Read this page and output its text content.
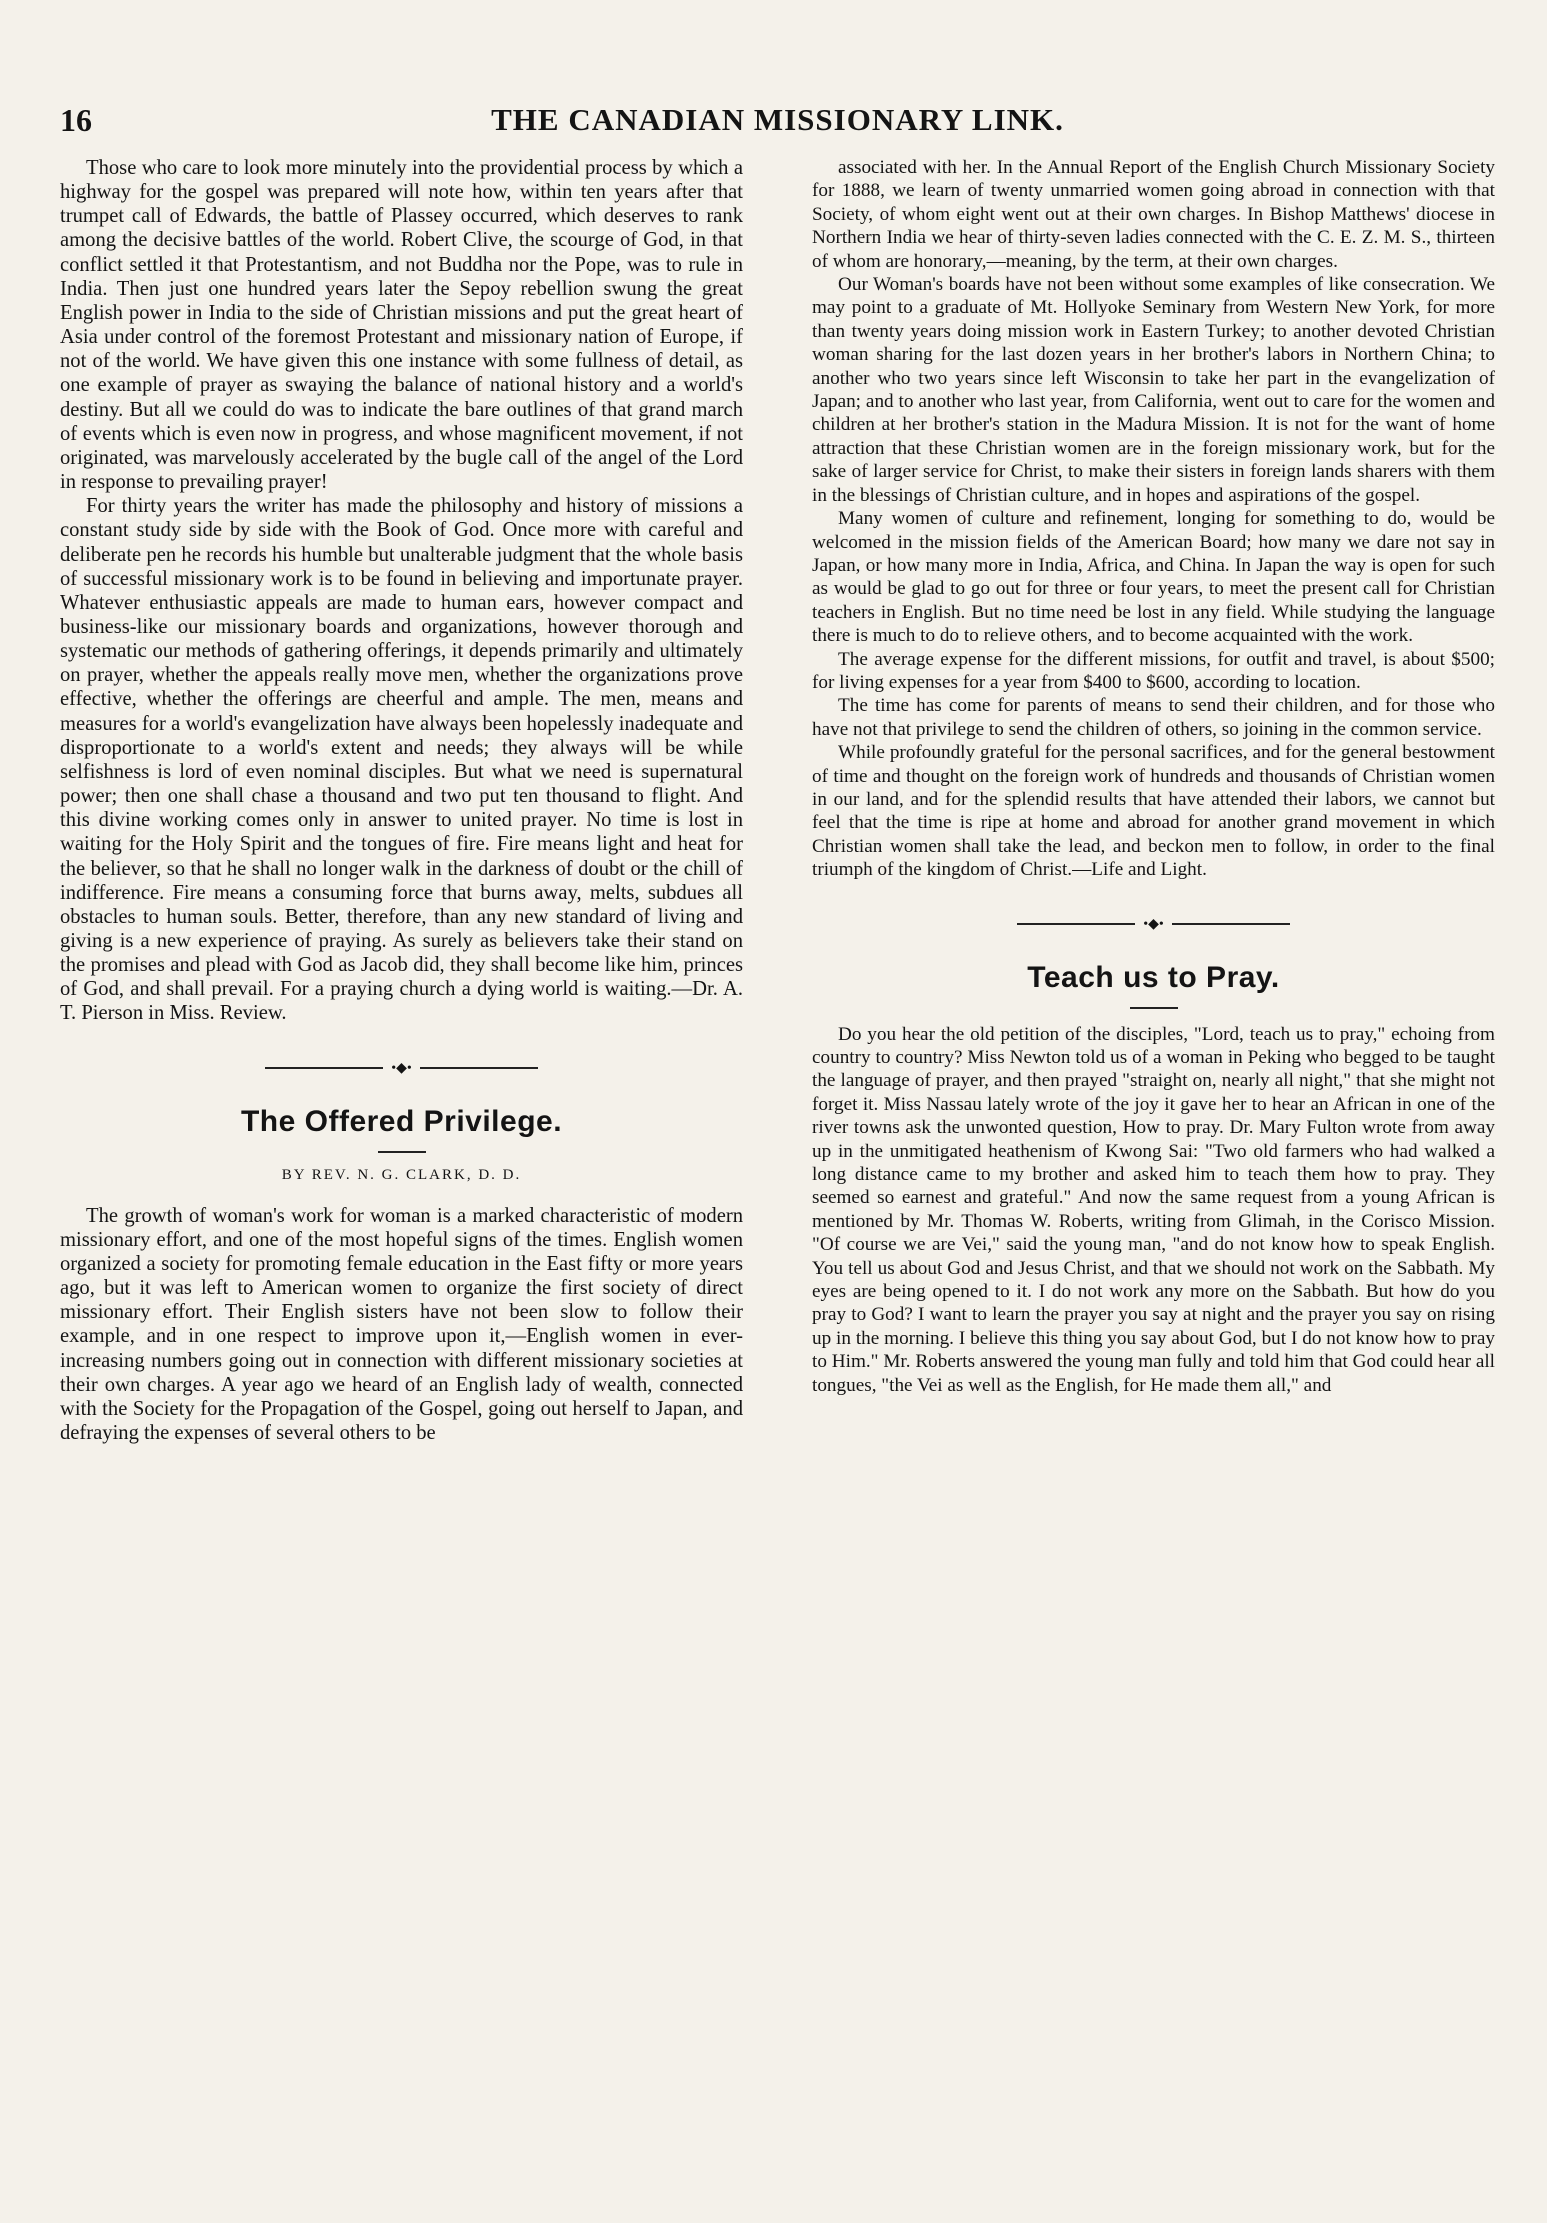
16	THE CANADIAN MISSIONARY LINK.

Those who care to look more minutely into the providential process by which a highway for the gospel was prepared will note how, within ten years after that trumpet call of Edwards, the battle of Plassey occurred, which deserves to rank among the decisive battles of the world. Robert Clive, the scourge of God, in that conflict settled it that Protestantism, and not Buddha nor the Pope, was to rule in India. Then just one hundred years later the Sepoy rebellion swung the great English power in India to the side of Christian missions and put the great heart of Asia under control of the foremost Protestant and missionary nation of Europe, if not of the world. We have given this one instance with some fullness of detail, as one example of prayer as swaying the balance of national history and a world's destiny. But all we could do was to indicate the bare outlines of that grand march of events which is even now in progress, and whose magnificent movement, if not originated, was marvelously accelerated by the bugle call of the angel of the Lord in response to prevailing prayer!

For thirty years the writer has made the philosophy and history of missions a constant study side by side with the Book of God. Once more with careful and deliberate pen he records his humble but unalterable judgment that the whole basis of successful missionary work is to be found in believing and importunate prayer. Whatever enthusiastic appeals are made to human ears, however compact and business-like our missionary boards and organizations, however thorough and systematic our methods of gathering offerings, it depends primarily and ultimately on prayer, whether the appeals really move men, whether the organizations prove effective, whether the offerings are cheerful and ample. The men, means and measures for a world's evangelization have always been hopelessly inadequate and disproportionate to a world's extent and needs; they always will be while selfishness is lord of even nominal disciples. But what we need is supernatural power; then one shall chase a thousand and two put ten thousand to flight. And this divine working comes only in answer to united prayer. No time is lost in waiting for the Holy Spirit and the tongues of fire. Fire means light and heat for the believer, so that he shall no longer walk in the darkness of doubt or the chill of indifference. Fire means a consuming force that burns away, melts, subdues all obstacles to human souls. Better, therefore, than any new standard of living and giving is a new experience of praying. As surely as believers take their stand on the promises and plead with God as Jacob did, they shall become like him, princes of God, and shall prevail. For a praying church a dying world is waiting.—Dr. A. T. Pierson in Miss. Review.

•◆•
The Offered Privilege.
BY REV. N. G. CLARK, D. D.

The growth of woman's work for woman is a marked characteristic of modern missionary effort, and one of the most hopeful signs of the times. English women organized a society for promoting female education in the East fifty or more years ago, but it was left to American women to organize the first society of direct missionary effort. Their English sisters have not been slow to follow their example, and in one respect to improve upon it,—English women in ever-increasing numbers going out in connection with different missionary societies at their own charges. A year ago we heard of an English lady of wealth, connected with the Society for the Propagation of the Gospel, going out herself to Japan, and defraying the expenses of several others to be

associated with her. In the Annual Report of the English Church Missionary Society for 1888, we learn of twenty unmarried women going abroad in connection with that Society, of whom eight went out at their own charges. In Bishop Matthews' diocese in Northern India we hear of thirty-seven ladies connected with the C. E. Z. M. S., thirteen of whom are honorary,—meaning, by the term, at their own charges.

Our Woman's boards have not been without some examples of like consecration. We may point to a graduate of Mt. Hollyoke Seminary from Western New York, for more than twenty years doing mission work in Eastern Turkey; to another devoted Christian woman sharing for the last dozen years in her brother's labors in Northern China; to another who two years since left Wisconsin to take her part in the evangelization of Japan; and to another who last year, from California, went out to care for the women and children at her brother's station in the Madura Mission. It is not for the want of home attraction that these Christian women are in the foreign missionary work, but for the sake of larger service for Christ, to make their sisters in foreign lands sharers with them in the blessings of Christian culture, and in hopes and aspirations of the gospel.

Many women of culture and refinement, longing for something to do, would be welcomed in the mission fields of the American Board; how many we dare not say in Japan, or how many more in India, Africa, and China. In Japan the way is open for such as would be glad to go out for three or four years, to meet the present call for Christian teachers in English. But no time need be lost in any field. While studying the language there is much to do to relieve others, and to become acquainted with the work.

The average expense for the different missions, for outfit and travel, is about $500; for living expenses for a year from $400 to $600, according to location.

The time has come for parents of means to send their children, and for those who have not that privilege to send the children of others, so joining in the common service.

While profoundly grateful for the personal sacrifices, and for the general bestowment of time and thought on the foreign work of hundreds and thousands of Christian women in our land, and for the splendid results that have attended their labors, we cannot but feel that the time is ripe at home and abroad for another grand movement in which Christian women shall take the lead, and beckon men to follow, in order to the final triumph of the kingdom of Christ.—Life and Light.

•◆•
Teach us to Pray.

Do you hear the old petition of the disciples, "Lord, teach us to pray," echoing from country to country? Miss Newton told us of a woman in Peking who begged to be taught the language of prayer, and then prayed "straight on, nearly all night," that she might not forget it. Miss Nassau lately wrote of the joy it gave her to hear an African in one of the river towns ask the unwonted question, How to pray. Dr. Mary Fulton wrote from away up in the unmitigated heathenism of Kwong Sai: "Two old farmers who had walked a long distance came to my brother and asked him to teach them how to pray. They seemed so earnest and grateful." And now the same request from a young African is mentioned by Mr. Thomas W. Roberts, writing from Glimah, in the Corisco Mission. "Of course we are Vei," said the young man, "and do not know how to speak English. You tell us about God and Jesus Christ, and that we should not work on the Sabbath. My eyes are being opened to it. I do not work any more on the Sabbath. But how do you pray to God? I want to learn the prayer you say at night and the prayer you say on rising up in the morning. I believe this thing you say about God, but I do not know how to pray to Him." Mr. Roberts answered the young man fully and told him that God could hear all tongues, "the Vei as well as the English, for He made them all," and
